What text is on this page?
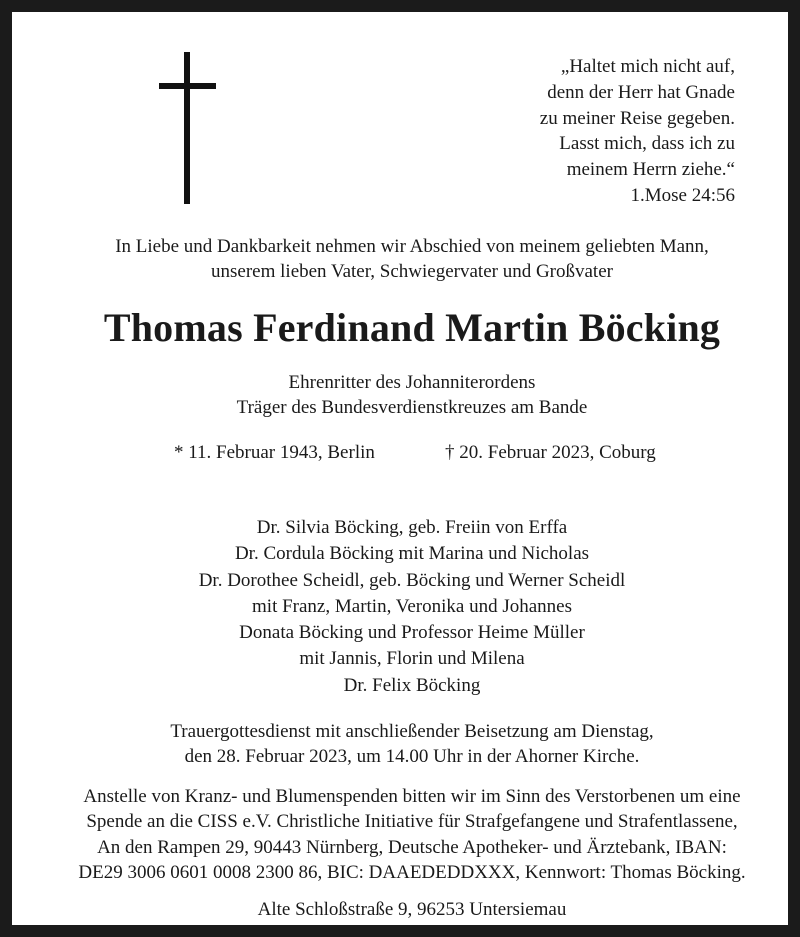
„Haltet mich nicht auf,
denn der Herr hat Gnade
zu meiner Reise gegeben.
Lasst mich, dass ich zu
meinem Herrn ziehe.“
1.Mose 24:56
In Liebe und Dankbarkeit nehmen wir Abschied von meinem geliebten Mann,
unserem lieben Vater, Schwiegervater und Großvater
Thomas Ferdinand Martin Böcking
Ehrenritter des Johanniterordens
Träger des Bundesverdienstkreuzes am Bande
* 11. Februar 1943, Berlin	† 20. Februar 2023, Coburg
Dr. Silvia Böcking, geb. Freiin von Erffa
Dr. Cordula Böcking mit Marina und Nicholas
Dr. Dorothee Scheidl, geb. Böcking und Werner Scheidl
mit Franz, Martin, Veronika und Johannes
Donata Böcking und Professor Heime Müller
mit Jannis, Florin und Milena
Dr. Felix Böcking
Trauergottesdienst mit anschließender Beisetzung am Dienstag,
den 28. Februar 2023, um 14.00 Uhr in der Ahorner Kirche.
Anstelle von Kranz- und Blumenspenden bitten wir im Sinn des Verstorbenen um eine
Spende an die CISS e.V. Christliche Initiative für Strafgefangene und Strafentlassene,
An den Rampen 29, 90443 Nürnberg, Deutsche Apotheker- und Ärztebank, IBAN:
DE29 3006 0601 0008 2300 86, BIC: DAAEDEDDXXX, Kennwort: Thomas Böcking.
Alte Schloßstraße 9, 96253 Untersiemau
